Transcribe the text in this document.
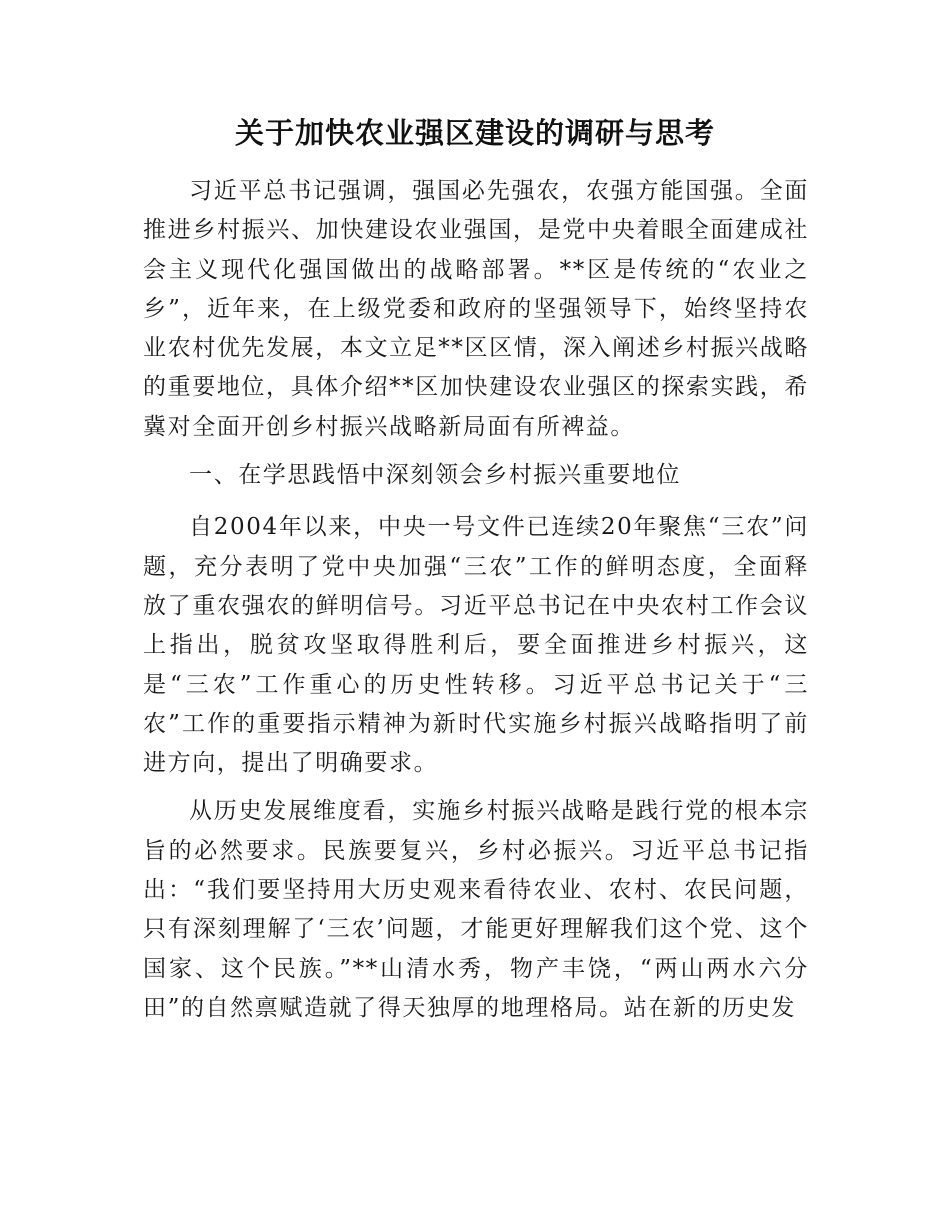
关于加快农业强区建设的调研与思考

习近平总书记强调，强国必先强农，农强方能国强。全面推进乡村振兴、加快建设农业强国，是党中央着眼全面建成社会主义现代化强国做出的战略部署。**区是传统的“农业之乡”，近年来，在上级党委和政府的坚强领导下，始终坚持农业农村优先发展，本文立足**区区情，深入阐述乡村振兴战略的重要地位，具体介绍**区加快建设农业强区的探索实践，希冀对全面开创乡村振兴战略新局面有所裨益。

一、在学思践悟中深刻领会乡村振兴重要地位

自2004年以来，中央一号文件已连续20年聚焦“三农”问题，充分表明了党中央加强“三农”工作的鲜明态度，全面释放了重农强农的鲜明信号。习近平总书记在中央农村工作会议上指出，脱贫攻坚取得胜利后，要全面推进乡村振兴，这是“三农”工作重心的历史性转移。习近平总书记关于“三农”工作的重要指示精神为新时代实施乡村振兴战略指明了前进方向，提出了明确要求。

从历史发展维度看，实施乡村振兴战略是践行党的根本宗旨的必然要求。民族要复兴，乡村必振兴。习近平总书记指出：“我们要坚持用大历史观来看待农业、农村、农民问题，只有深刻理解了‘三农’问题，才能更好理解我们这个党、这个国家、这个民族。”**山清水秀，物产丰饶，“两山两水六分田”的自然禀赋造就了得天独厚的地理格局。站在新的历史发
